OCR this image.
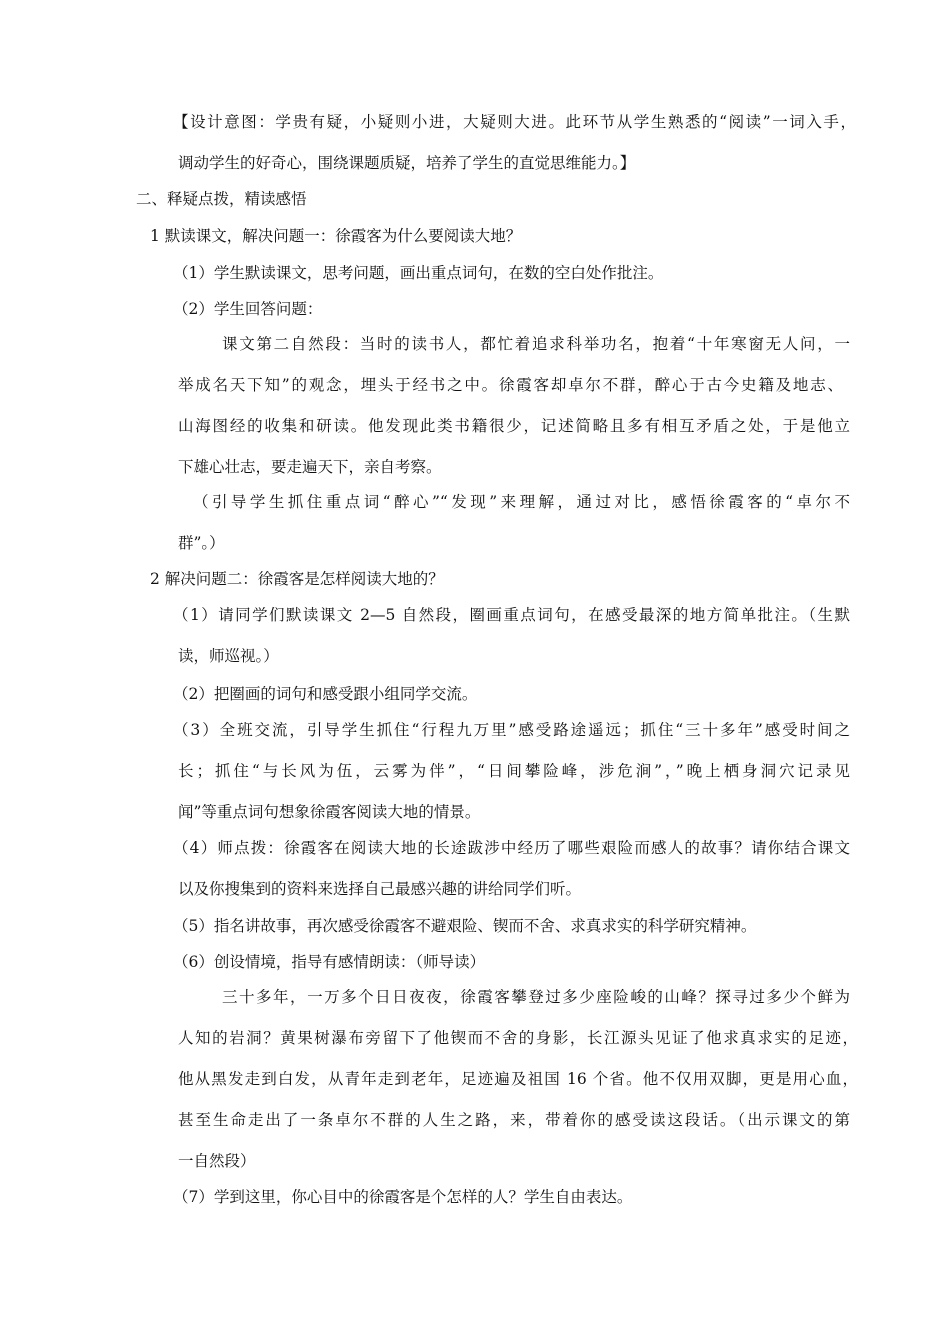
【设计意图：学贵有疑，小疑则小进，大疑则大进。此环节从学生熟悉的“阅读”一词入手，
调动学生的好奇心，围绕课题质疑，培养了学生的直觉思维能力。】
二、释疑点拨，精读感悟
1 默读课文，解决问题一：徐霞客为什么要阅读大地？
（1）学生默读课文，思考问题，画出重点词句，在数的空白处作批注。
（2）学生回答问题：
课文第二自然段：当时的读书人，都忙着追求科举功名，抱着“十年寒窗无人问，一
举成名天下知”的观念，埋头于经书之中。徐霞客却卓尔不群，醉心于古今史籍及地志、
山海图经的收集和研读。他发现此类书籍很少，记述简略且多有相互矛盾之处，于是他立
下雄心壮志，要走遍天下，亲自考察。
（引导学生抓住重点词“醉心”“发现”来理解，通过对比，感悟徐霞客的“卓尔不
群”。）
2 解决问题二：徐霞客是怎样阅读大地的？
（1）请同学们默读课文 2—5 自然段，圈画重点词句，在感受最深的地方简单批注。（生默
读，师巡视。）
（2）把圈画的词句和感受跟小组同学交流。
（3）全班交流，引导学生抓住“行程九万里”感受路途遥远；抓住“三十多年”感受时间之
长；抓住“与长风为伍，云雾为伴”，“日间攀险峰，涉危涧”，”晚上栖身洞穴记录见
闻”等重点词句想象徐霞客阅读大地的情景。
（4）师点拨：徐霞客在阅读大地的长途跋涉中经历了哪些艰险而感人的故事？请你结合课文
以及你搜集到的资料来选择自己最感兴趣的讲给同学们听。
（5）指名讲故事，再次感受徐霞客不避艰险、锲而不舍、求真求实的科学研究精神。
（6）创设情境，指导有感情朗读：（师导读）
三十多年，一万多个日日夜夜，徐霞客攀登过多少座险峻的山峰？探寻过多少个鲜为
人知的岩洞？黄果树瀑布旁留下了他锲而不舍的身影，长江源头见证了他求真求实的足迹，
他从黑发走到白发，从青年走到老年，足迹遍及祖国 16 个省。他不仅用双脚，更是用心血，
甚至生命走出了一条卓尔不群的人生之路，来，带着你的感受读这段话。（出示课文的第
一自然段）
（7）学到这里，你心目中的徐霞客是个怎样的人？学生自由表达。
